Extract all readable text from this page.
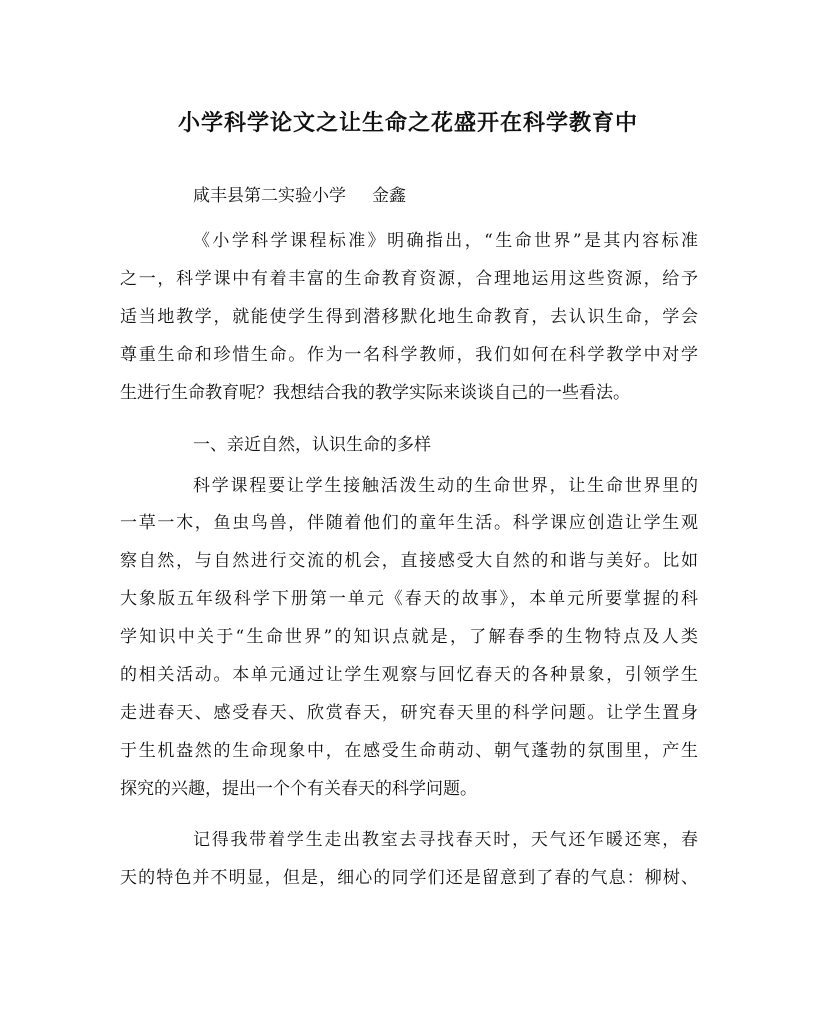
小学科学论文之让生命之花盛开在科学教育中
咸丰县第二实验小学 金鑫
《小学科学课程标准》明确指出，“生命世界”是其内容标准
之一，科学课中有着丰富的生命教育资源，合理地运用这些资源，给予
适当地教学，就能使学生得到潜移默化地生命教育，去认识生命，学会
尊重生命和珍惜生命。作为一名科学教师，我们如何在科学教学中对学
生进行生命教育呢？我想结合我的教学实际来谈谈自己的一些看法。
一、亲近自然，认识生命的多样
科学课程要让学生接触活泼生动的生命世界，让生命世界里的
一草一木，鱼虫鸟兽，伴随着他们的童年生活。科学课应创造让学生观
察自然，与自然进行交流的机会，直接感受大自然的和谐与美好。比如
大象版五年级科学下册第一单元《春天的故事》，本单元所要掌握的科
学知识中关于“生命世界”的知识点就是，了解春季的生物特点及人类
的相关活动。本单元通过让学生观察与回忆春天的各种景象，引领学生
走进春天、感受春天、欣赏春天，研究春天里的科学问题。让学生置身
于生机盎然的生命现象中，在感受生命萌动、朝气蓬勃的氛围里，产生
探究的兴趣，提出一个个有关春天的科学问题。
记得我带着学生走出教室去寻找春天时，天气还乍暖还寒，春
天的特色并不明显，但是，细心的同学们还是留意到了春的气息：柳树、
